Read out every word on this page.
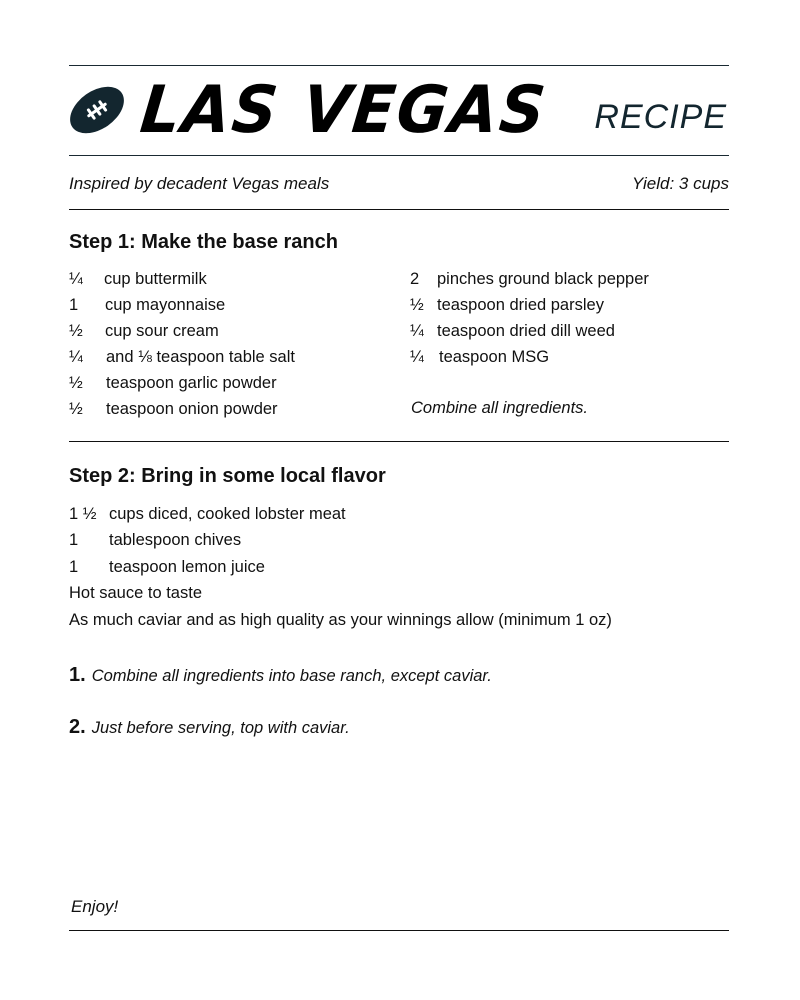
LAS VEGAS RECIPE
Inspired by decadent Vegas meals	Yield: 3 cups
Step 1: Make the base ranch
¼ cup buttermilk
1 cup mayonnaise
½ cup sour cream
¼ and ⅛ teaspoon table salt
½ teaspoon garlic powder
½ teaspoon onion powder
2 pinches ground black pepper
½ teaspoon dried parsley
¼ teaspoon dried dill weed
¼ teaspoon MSG
Combine all ingredients.
Step 2: Bring in some local flavor
1 ½ cups diced, cooked lobster meat
1 tablespoon chives
1 teaspoon lemon juice
Hot sauce to taste
As much caviar and as high quality as your winnings allow (minimum 1 oz)
1. Combine all ingredients into base ranch, except caviar.
2. Just before serving, top with caviar.
Enjoy!
